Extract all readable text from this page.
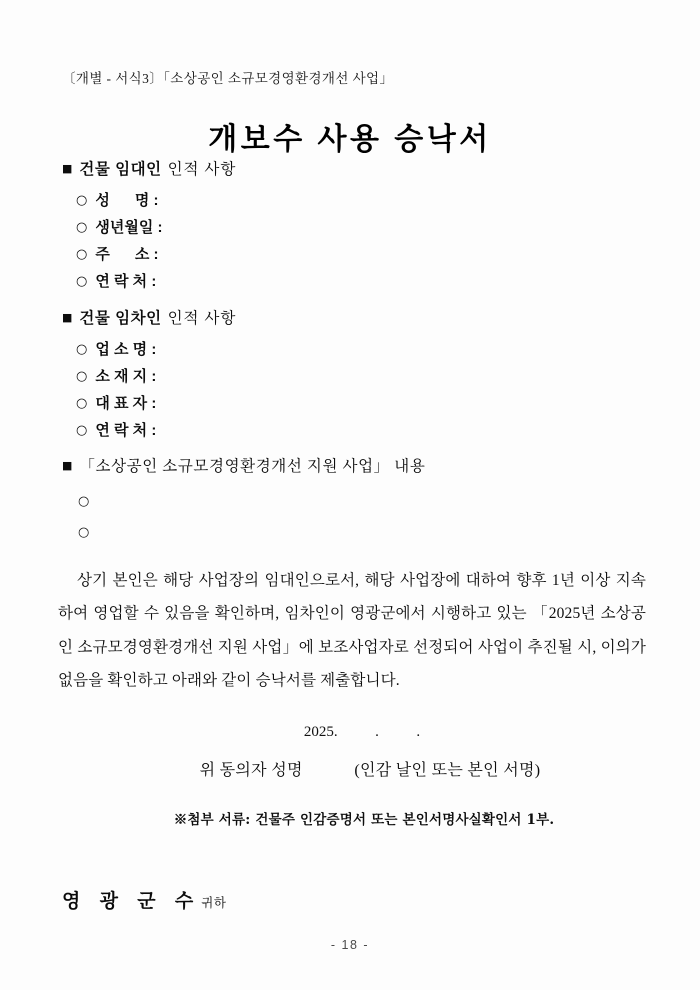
〔개별 - 서식3〕「소상공인 소규모경영환경개선 사업」
개보수 사용 승낙서
■ 건물 임대인 인적 사항
○ 성      명 :
○ 생년월일 :
○ 주      소 :
○ 연 락 처 :
■ 건물 임차인 인적 사항
○ 업 소 명 :
○ 소 재 지 :
○ 대 표 자 :
○ 연 락 처 :
■ 「소상공인 소규모경영환경개선 지원 사업」 내용
○
○

상기 본인은 해당 사업장의 임대인으로서, 해당 사업장에 대하여 향후 1년 이상 지속하여 영업할 수 있음을 확인하며, 임차인이 영광군에서 시행하고 있는 「2025년 소상공인 소규모경영환경개선 지원 사업」에 보조사업자로 선정되어 사업이 추진될 시, 이의가 없음을 확인하고 아래와 같이 승낙서를 제출합니다.

2025.          .          .
위 동의자 성명            (인감 날인 또는 본인 서명)
※첨부 서류: 건물주 인감증명서 또는 본인서명사실확인서 1부.
영 광 군 수귀하
- 18 -
